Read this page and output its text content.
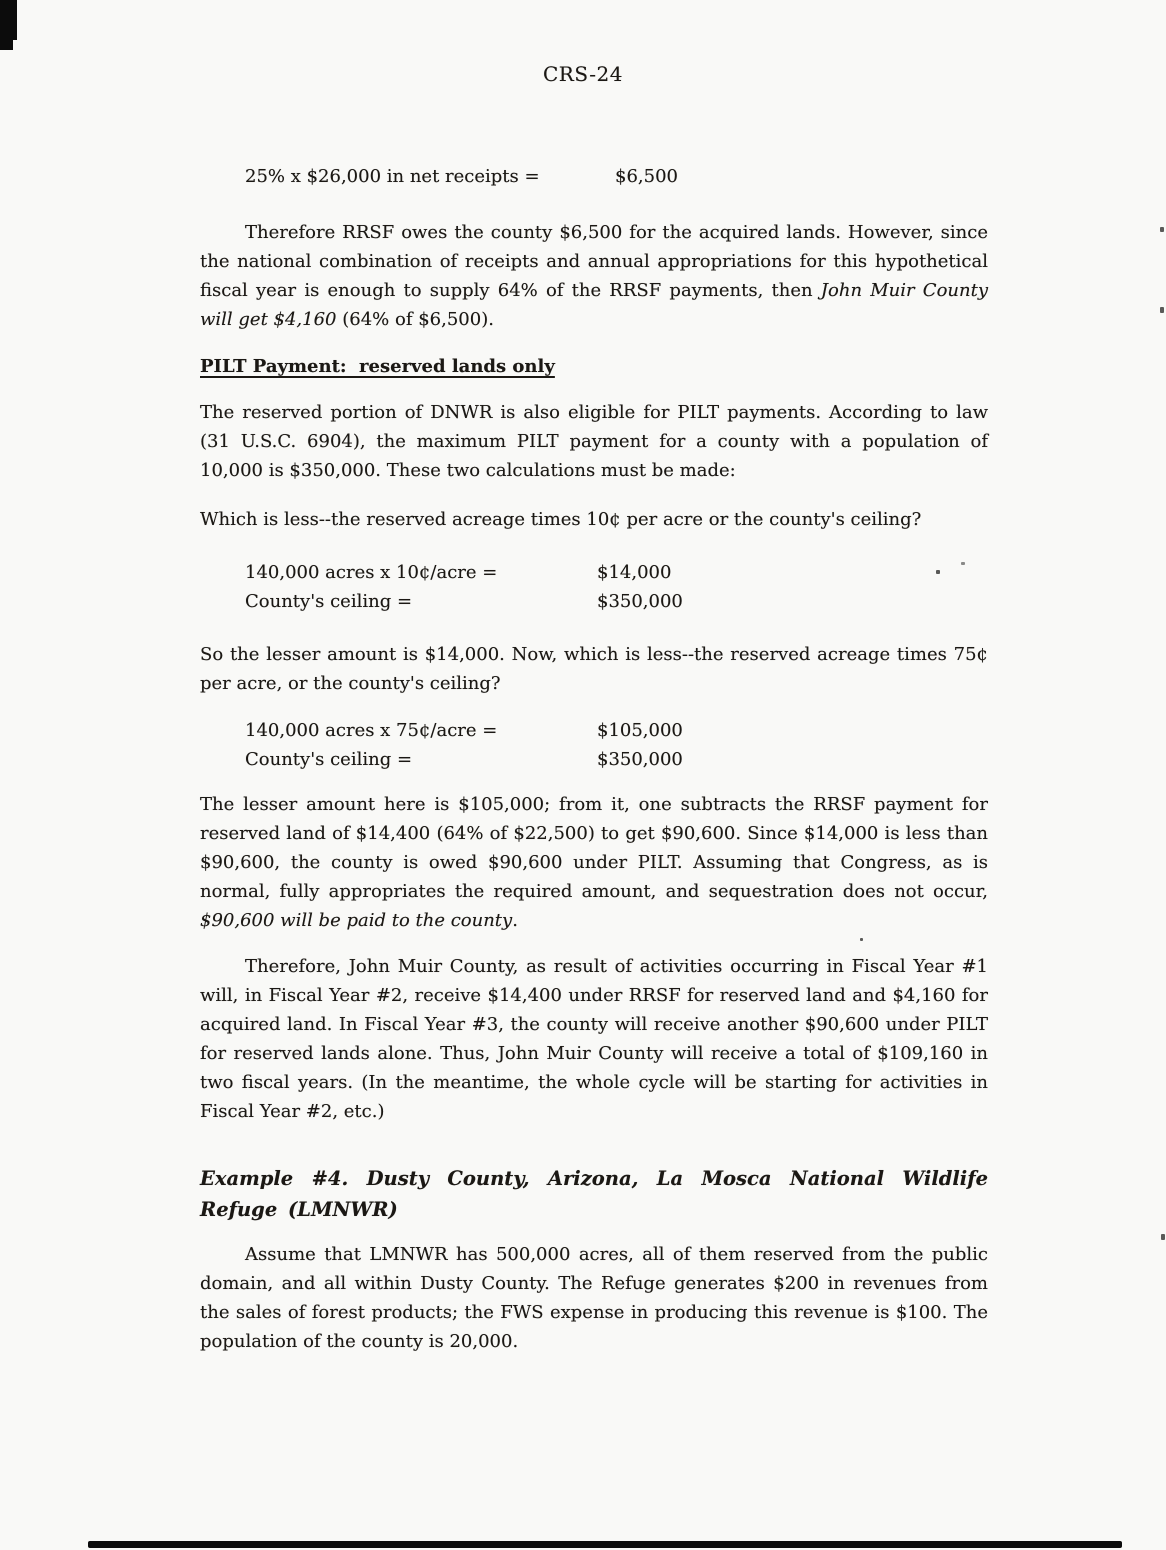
CRS-24
25% x $26,000 in net receipts =	$6,500

Therefore RRSF owes the county $6,500 for the acquired lands. However, since the national combination of receipts and annual appropriations for this hypothetical fiscal year is enough to supply 64% of the RRSF payments, then John Muir County will get $4,160 (64% of $6,500).

PILT Payment:  reserved lands only

The reserved portion of DNWR is also eligible for PILT payments. According to law (31 U.S.C. 6904), the maximum PILT payment for a county with a population of 10,000 is $350,000. These two calculations must be made:

Which is less--the reserved acreage times 10¢ per acre or the county's ceiling?

140,000 acres x 10¢/acre =	$14,000
County's ceiling =	$350,000

So the lesser amount is $14,000. Now, which is less--the reserved acreage times 75¢ per acre, or the county's ceiling?

140,000 acres x 75¢/acre =	$105,000
County's ceiling =	$350,000

The lesser amount here is $105,000; from it, one subtracts the RRSF payment for reserved land of $14,400 (64% of $22,500) to get $90,600. Since $14,000 is less than $90,600, the county is owed $90,600 under PILT. Assuming that Congress, as is normal, fully appropriates the required amount, and sequestration does not occur, $90,600 will be paid to the county.

Therefore, John Muir County, as result of activities occurring in Fiscal Year #1 will, in Fiscal Year #2, receive $14,400 under RRSF for reserved land and $4,160 for acquired land. In Fiscal Year #3, the county will receive another $90,600 under PILT for reserved lands alone. Thus, John Muir County will receive a total of $109,160 in two fiscal years. (In the meantime, the whole cycle will be starting for activities in Fiscal Year #2, etc.)

Example #4. Dusty County, Arizona, La Mosca National Wildlife Refuge (LMNWR)

Assume that LMNWR has 500,000 acres, all of them reserved from the public domain, and all within Dusty County. The Refuge generates $200 in revenues from the sales of forest products; the FWS expense in producing this revenue is $100. The population of the county is 20,000.
